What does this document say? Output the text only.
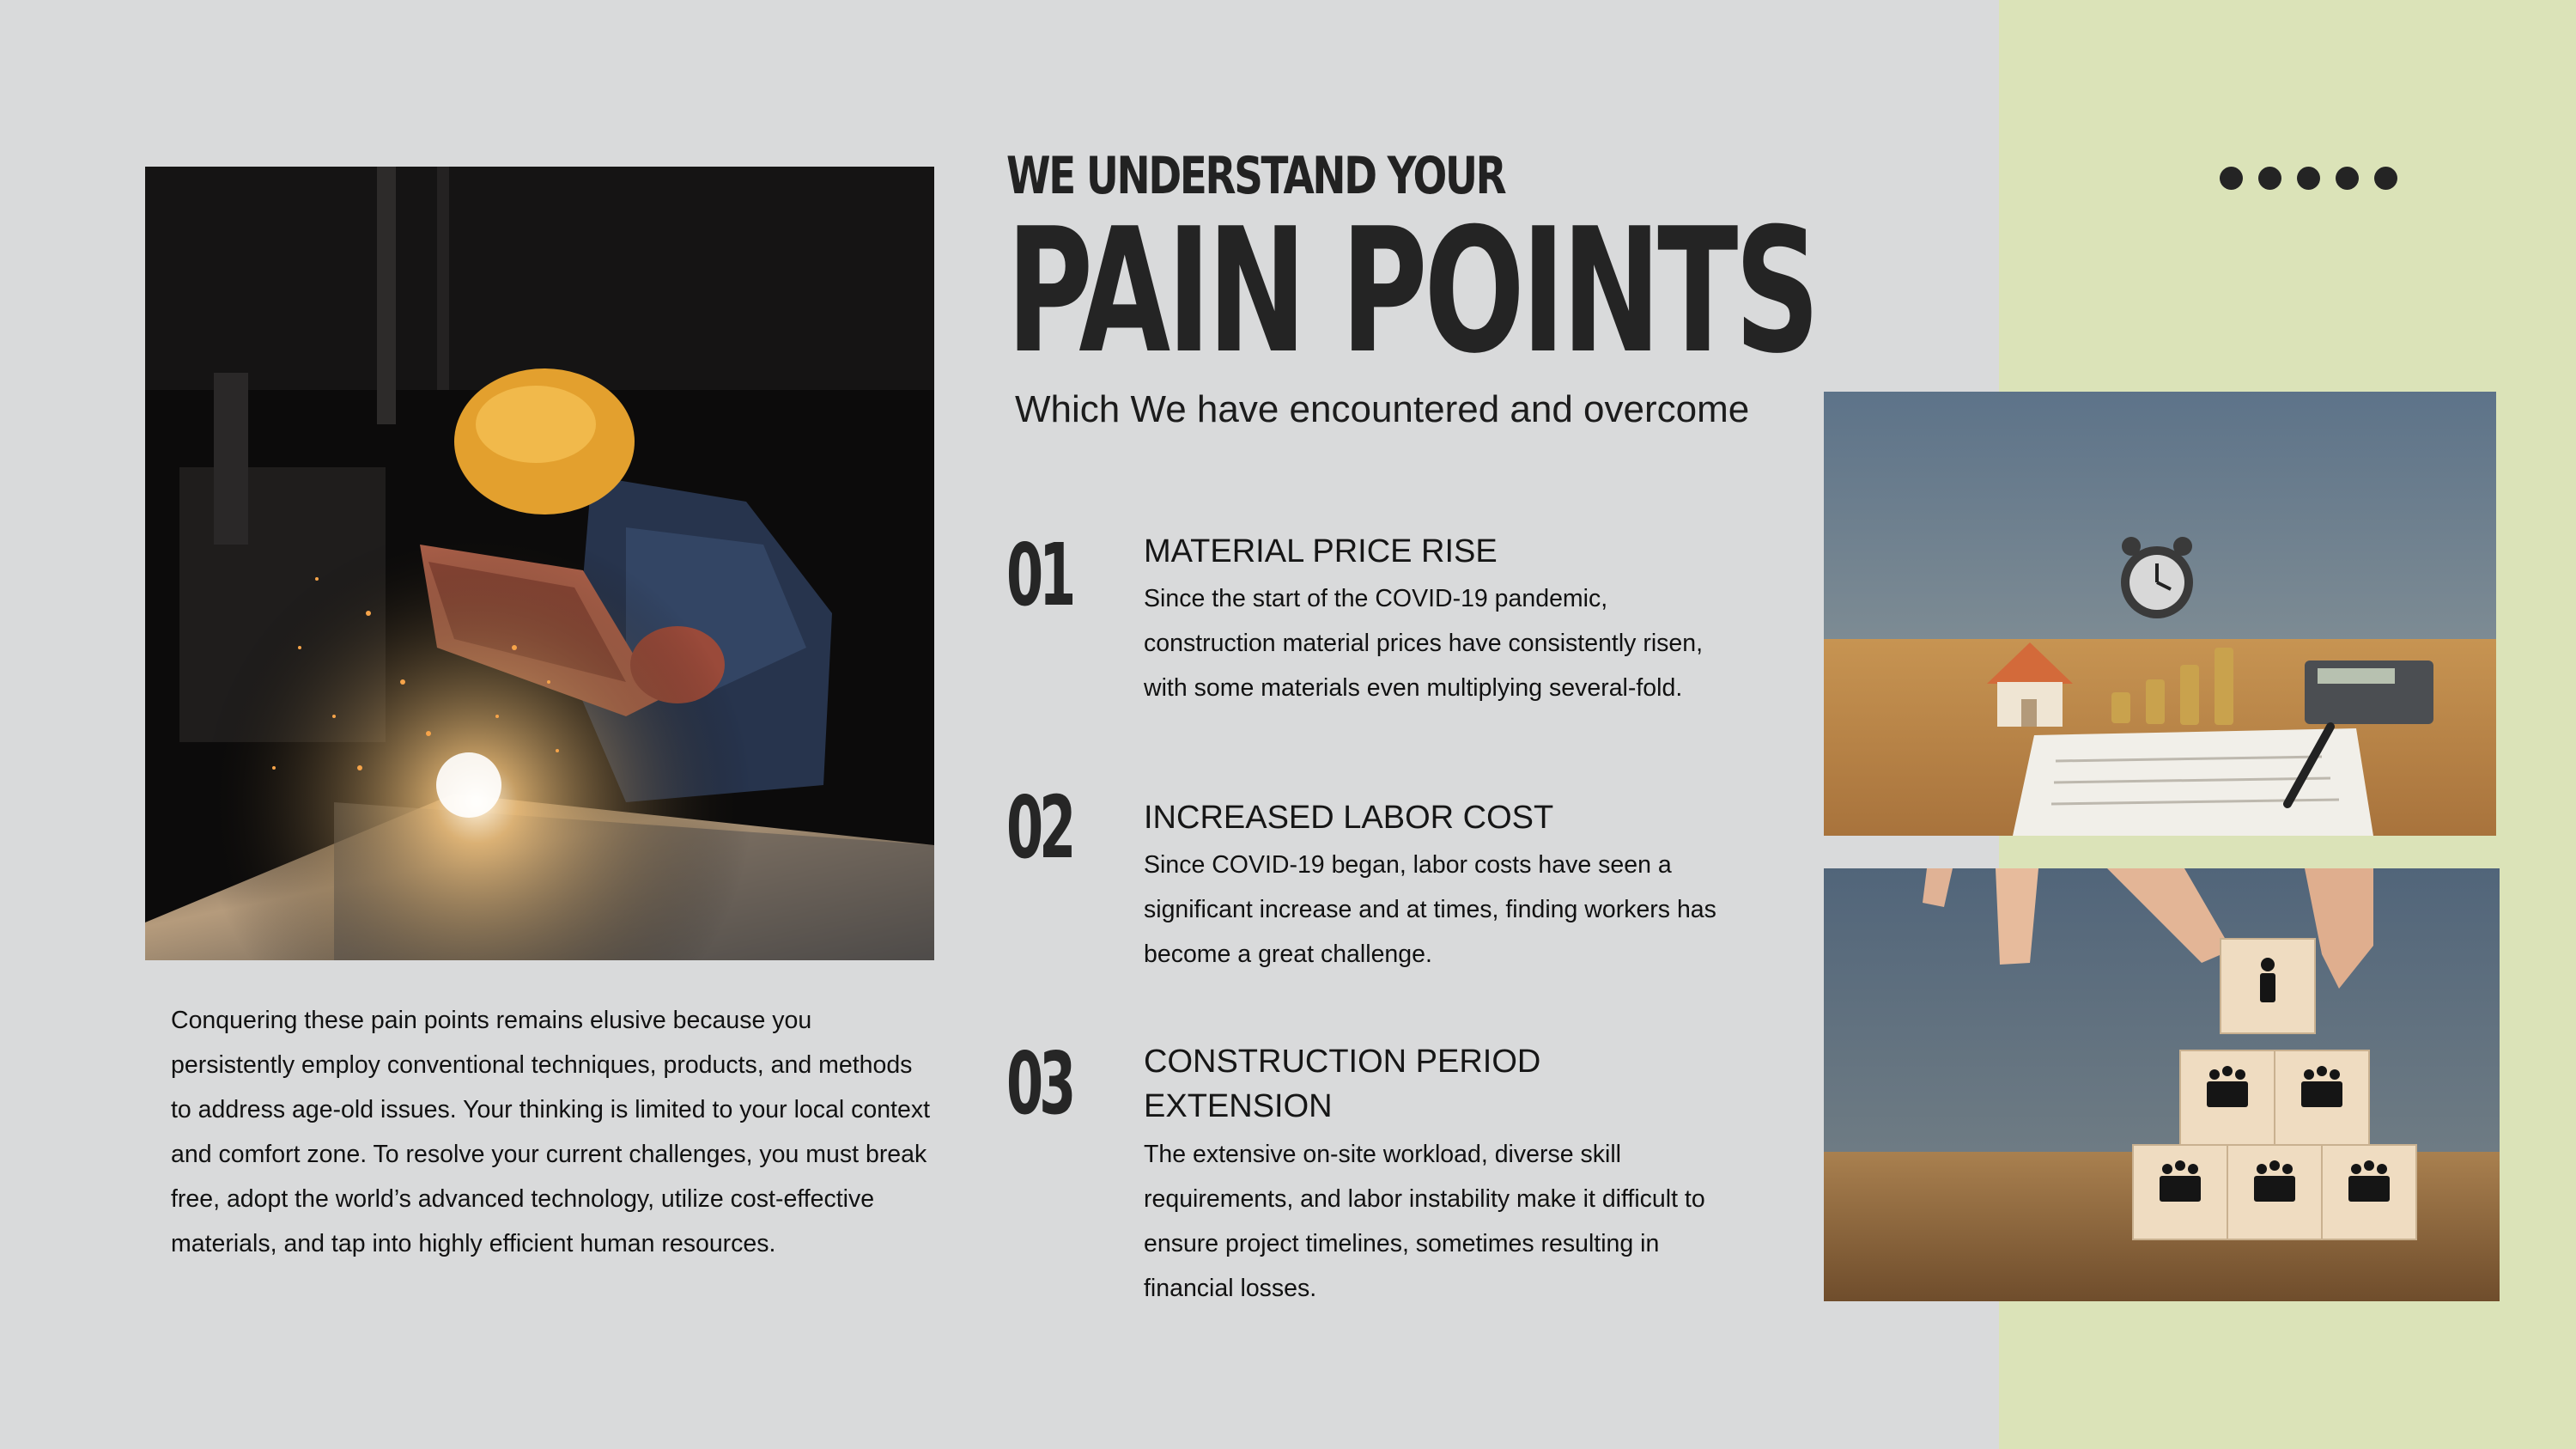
Conquering these pain points remains elusive because you persistently employ conventional techniques, products, and methods to address age-old issues. Your thinking is limited to your local context and comfort zone. To resolve your current challenges, you must break free, adopt the world’s advanced technology, utilize cost-effective materials, and tap into highly efficient human resources.
WE UNDERSTAND YOUR
PAIN POINTS
Which We have encountered and overcome
01 MATERIAL PRICE RISE
Since the start of the COVID-19 pandemic, construction material prices have consistently risen, with some materials even multiplying several-fold.
02 INCREASED LABOR COST
Since COVID-19 began, labor costs have seen a significant increase and at times, finding workers has become a great challenge.
03 CONSTRUCTION PERIOD EXTENSION
The extensive on-site workload, diverse skill requirements, and labor instability make it difficult to ensure project timelines, sometimes resulting in financial losses.
